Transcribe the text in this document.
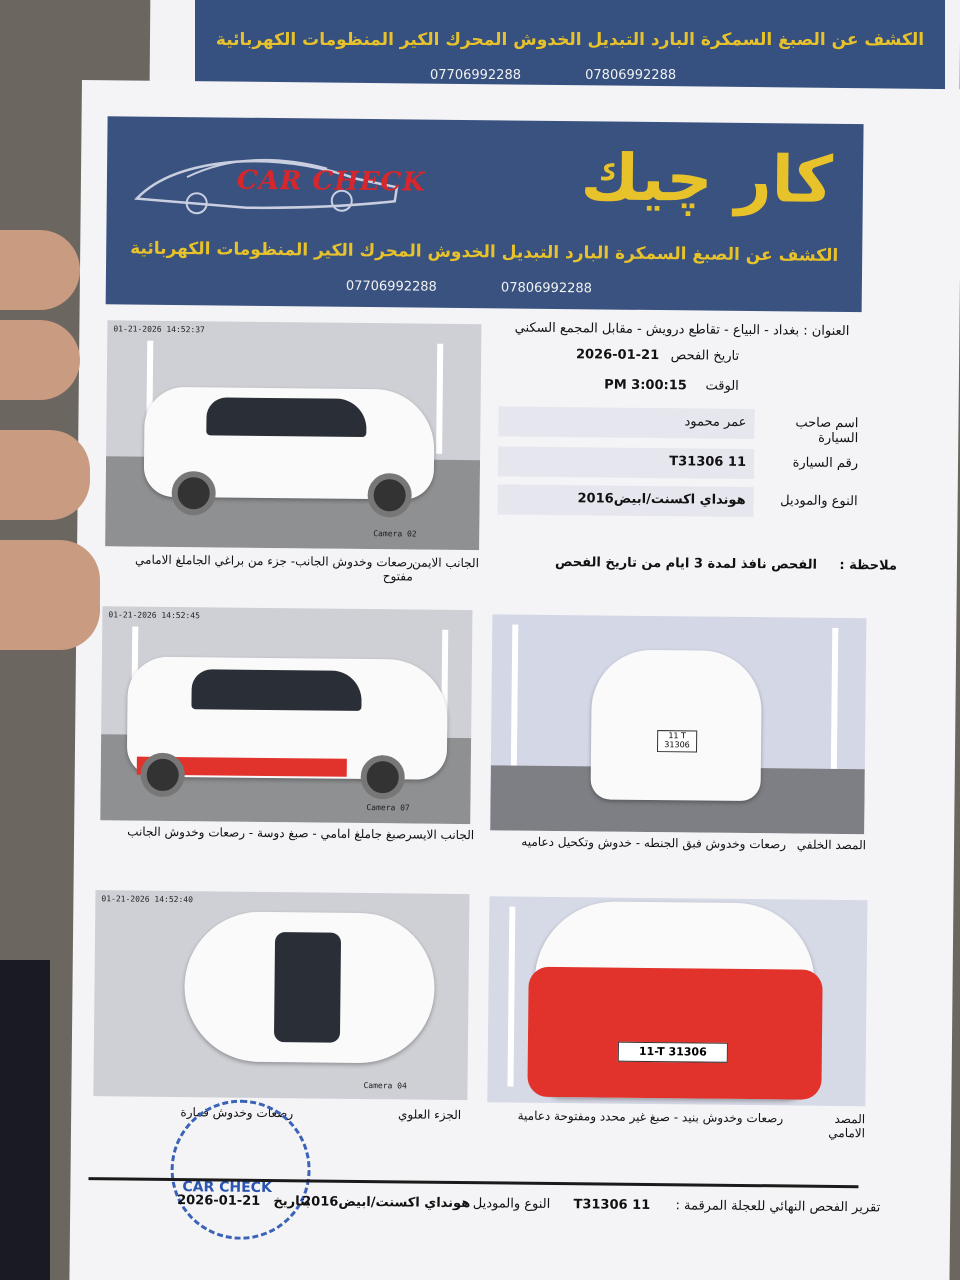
الكشف عن الصبغ السمكرة البارد التبديل الخدوش المحرك الكير المنظومات الكهربائية
07706992288	07806992288
CAR CHECK كار چيك
الكشف عن الصبغ السمكرة البارد التبديل الخدوش المحرك الكير المنظومات الكهربائية
07706992288	07806992288
العنوان : بغداد - البياع - تقاطع درويش - مقابل المجمع السكني
تاريخ الفحص
2026-01-21
الوقت
3:00:15 PM
عمر محمود	اسم صاحب السيارة
11 T31306	رقم السيارة
هونداي اكسنت/ابيض2016	النوع والموديل
ملاحظة :
الفحص نافذ لمدة 3 ايام من تاريخ الفحص
01-21-2026 14:52:37
Camera 02
الجانب الايمن
رصعات وخدوش الجانب- جزء من براغي الجاملغ الامامي مفتوح
01-21-2026 14:52:45
Camera 07
الجانب الايسر
صبغ جاملغ امامي - صبغ دوسة - رصعات وخدوش الجانب
11 T
31306
المصد الخلفي
رصعات وخدوش فبق الجنطه - خدوش وتكحيل دعاميه
01-21-2026 14:52:40
Camera 04
الجزء العلوي
رصعات وخدوش قمارة
11-T 31306
المصد الامامي
رصعات وخدوش بنيد - صبغ غير محدد ومفتوحة دعامية
CAR CHECK
تقرير الفحص النهائي للعجلة المرقمة :
11 T31306
النوع والموديل
هونداي اكسنت/ابيض2016
بتاريخ
2026-01-21
